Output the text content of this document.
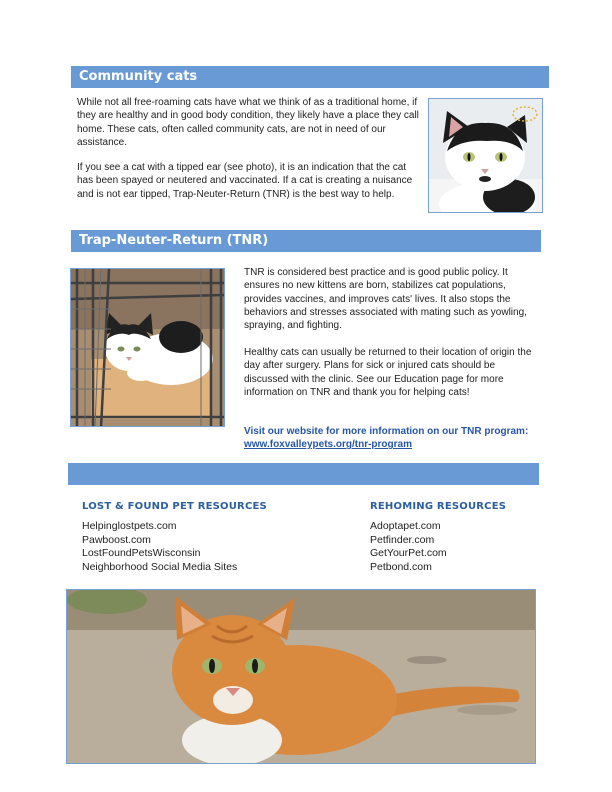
Community cats

While not all free-roaming cats have what we think of as a traditional home, if they are healthy and in good body condition, they likely have a place they call home. These cats, often called community cats, are not in need of our assistance.

If you see a cat with a tipped ear (see photo), it is an indication that the cat has been spayed or neutered and vaccinated. If a cat is creating a nuisance and is not ear tipped, Trap-Neuter-Return (TNR) is the best way to help.

Trap-Neuter-Return (TNR)

TNR is considered best practice and is good public policy. It ensures no new kittens are born, stabilizes cat populations, provides vaccines, and improves cats' lives. It also stops the behaviors and stresses associated with mating such as yowling, spraying, and fighting.

Healthy cats can usually be returned to their location of origin the day after surgery. Plans for sick or injured cats should be discussed with the clinic. See our Education page for more information on TNR and thank you for helping cats!

Visit our website for more information on our TNR program: www.foxvalleypets.org/tnr-program

LOST & FOUND PET RESOURCES
Helpinglostpets.com
Pawboost.com
LostFoundPetsWisconsin
Neighborhood Social Media Sites
REHOMING RESOURCES
Adoptapet.com
Petfinder.com
GetYourPet.com
Petbond.com
